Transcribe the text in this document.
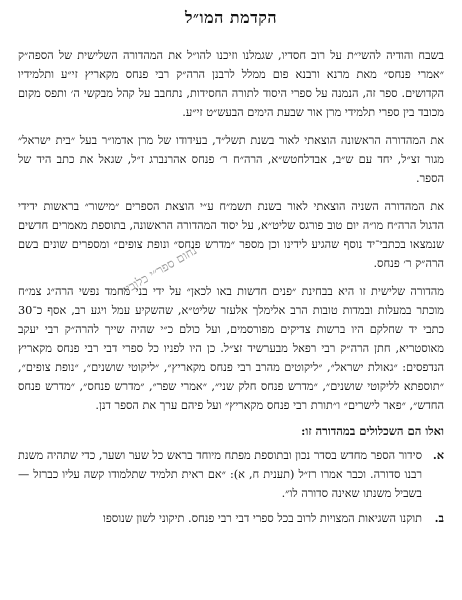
הקדמת המו״ל

בשבח והודיה להשי״ת על רוב חסדיו, שגמלנו וזיכנו להו״ל את המהדורה השלישית של הספה״ק ״אמרי פנחס״ מאת מרנא ורבנא פום ממלל לרבנן הרה״ק רבי פנחס מקאריץ זי״ע ותלמידיו הקדושים. ספר זה, הנמנה על ספרי היסוד לתורה החסידות, נתחבב על קהל מבקשי ה׳ ותפס מקום מכובד בין ספרי תלמידי מרן אור שבעת הימים הבעש״ט זי״ע.

את המהדורה הראשונה הוצאתי לאור בשנת תשל״ד, בעידודו של מרן אדמו״ר בעל ״בית ישראל״ מגור זצ״ל, יחד עם ש״ב, אבדלחטש״א, הרה״ח ר׳ פנחס אהרנברג ז״ל, שגאל את כתב היד של הספר.

את המהדורה השניה הוצאתי לאור בשנת תשמ״ח ע״י הוצאת הספרים ״מישור״ בראשות ידידי הדגול הרה״ח מו״ה יום טוב פורגס שליט״א, על יסוד המהדורה הראשונה, בתוספת מאמרים חדשים שנמצאו בכתבי־יד נוסף שהגיע לידינו וכן מספר ״מדרש פנחס״ ונופת צופים״ ומספרים שונים בשם הרה״ק ר׳ פנחס.

מהדורה שלישית זו היא בבחינת ״פנים חדשות באו לכאן״ על ידי בני מחמד נפשי הרה״ג צמ״ח מוכתר במעלות ובמדות טובות הרב אלימלך אלעזר שליט״א, שהשקיע עמל ויגע רב, אסף כ־30 כתבי יד שחלקם היו ברשות צדיקים מפורסמים, ועל כולם כ״י שהיה שייך להרה״ק רבי יעקב מאוסטריא, חתן הרה״ק רבי רפאל מבערשיד זצ״ל. כן היו לפניו כל ספרי דבי רבי פנחס מקאריץ הנדפסים: ״גאולת ישראל״, ״ליקוטים מהרב רבי פנחס מקאריץ״, ״ליקוטי שושנים״, ״נופת צופים״, ״תוספתא לליקוטי שושנים״, ״מדרש פנחס חלק שני״, ״אמרי שפר״, ״מדרש פנחס״, ״מדרש פנחס החדש״, ״פאר לישרים״ ו״תורת רבי פנחס מקאריץ״ ועל פיהם ערך את הספר דנן.

ואלו הם השכלולים במהדורה זו:
א.
סידור הספר מחדש בסדר נכון ובתוספת מפתח מיוחד בראש כל שער ושער, כדי שתהיה משנת רבנו סדורה. וכבר אמרו רז״ל (תענית ח, א): ״אם ראית תלמיד שתלמודו קשה עליו כברזל — בשביל משנתו שאינה סדורה לו״.
ב.
תוקנו השגיאות המצויות לרוב בכל ספרי דבי רבי פנחס. תיקוני לשון שנוספו
נחום ספר״י כלוביוי
